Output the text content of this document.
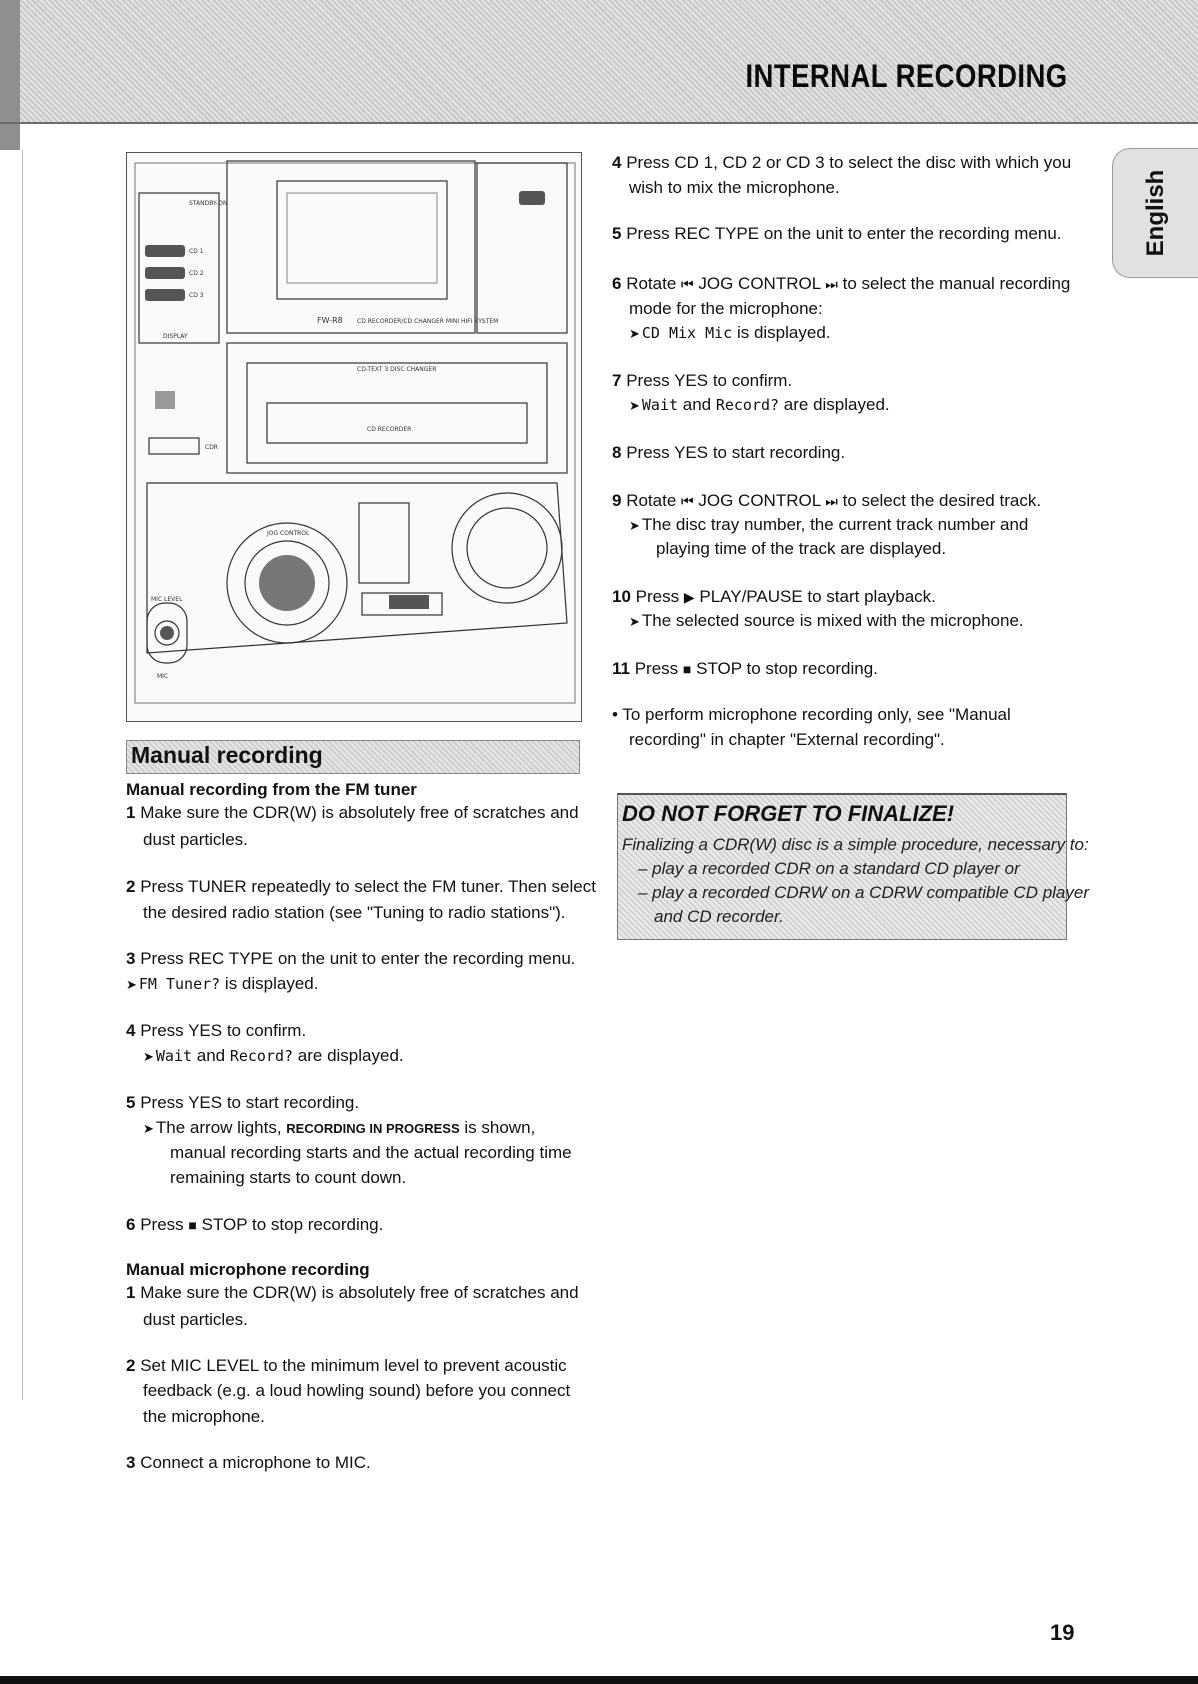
INTERNAL RECORDING
English
STANDBY-ON
CD 1
CD 2
CD 3
DISPLAY
FW-R8 CD RECORDER/CD CHANGER MINI HIFI SYSTEM
CD-TEXT 3 DISC CHANGER
CD RECORDER
JOG CONTROL
MIC LEVEL
MIC
CDR
Manual recording
Manual recording from the FM tuner
1 Make sure the CDR(W) is absolutely free of scratches and
dust particles.
2 Press TUNER repeatedly to select the FM tuner. Then select
the desired radio station (see "Tuning to radio stations").
3 Press REC TYPE on the unit to enter the recording menu.
➤ FM Tuner? is displayed.
4 Press YES to confirm.
➤ Wait and Record? are displayed.
5 Press YES to start recording.
➤ The arrow lights, RECORDING IN PROGRESS is shown,
manual recording starts and the actual recording time
remaining starts to count down.
6 Press ■ STOP to stop recording.
Manual microphone recording
1 Make sure the CDR(W) is absolutely free of scratches and
dust particles.
2 Set MIC LEVEL to the minimum level to prevent acoustic
feedback (e.g. a loud howling sound) before you connect
the microphone.
3 Connect a microphone to MIC.
4 Press CD 1, CD 2 or CD 3 to select the disc with which you
wish to mix the microphone.
5 Press REC TYPE on the unit to enter the recording menu.
6 Rotate ⏮ JOG CONTROL ⏭ to select the manual recording
mode for the microphone:
➤ CD Mix Mic is displayed.
7 Press YES to confirm.
➤ Wait and Record? are displayed.
8 Press YES to start recording.
9 Rotate ⏮ JOG CONTROL ⏭ to select the desired track.
➤ The disc tray number, the current track number and
playing time of the track are displayed.
10 Press ▶ PLAY/PAUSE to start playback.
➤ The selected source is mixed with the microphone.
11 Press ■ STOP to stop recording.
• To perform microphone recording only, see "Manual
recording" in chapter "External recording".
DO NOT FORGET TO FINALIZE!
Finalizing a CDR(W) disc is a simple procedure, necessary to:
– play a recorded CDR on a standard CD player or
– play a recorded CDRW on a CDRW compatible CD player
and CD recorder.
19
